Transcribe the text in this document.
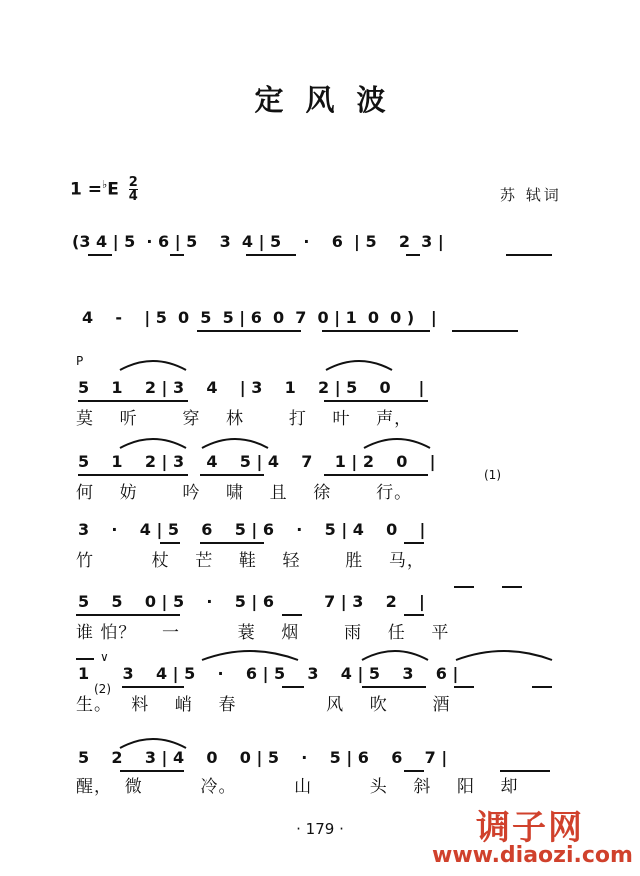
定风波
$1 =^♭E \frac{2}{4}$	苏 轼词
(3 4 | 5  · 6 | 5    3  4 | 5    ·    6  | 5    2  3 |
4    -    | 5  0  5  5 | 6  0  7  0 | 1  0  0 )   |
P
5    1    2 | 3    4    | 3    1    2 | 5    0     |
莫    听       穿    林       打    叶    声，
5    1    2 | 3    4    5 | 4    7    1 | 2    0    |
何    妨       吟    啸    且    徐       行。
(1)
3    ·    4 | 5    6    5 | 6    ·    5 | 4    0    |
竹         杖    芒    鞋    轻       胜    马，
5    5    0 | 5    ·    5 | 6         7 | 3    2    |
谁 怕？    一         蓑    烟       雨    任    平
∨
1      3    4 | 5    ·    6 | 5    3    4 | 5    3    6 |
生。   料    峭    春              风    吹       酒
(2)
5    2    3 | 4    0    0 | 5    ·    5 | 6    6    7 |
醒，  微         冷。         山         头    斜    阳    却
· 179 ·	调子网
www.diaozi.com
